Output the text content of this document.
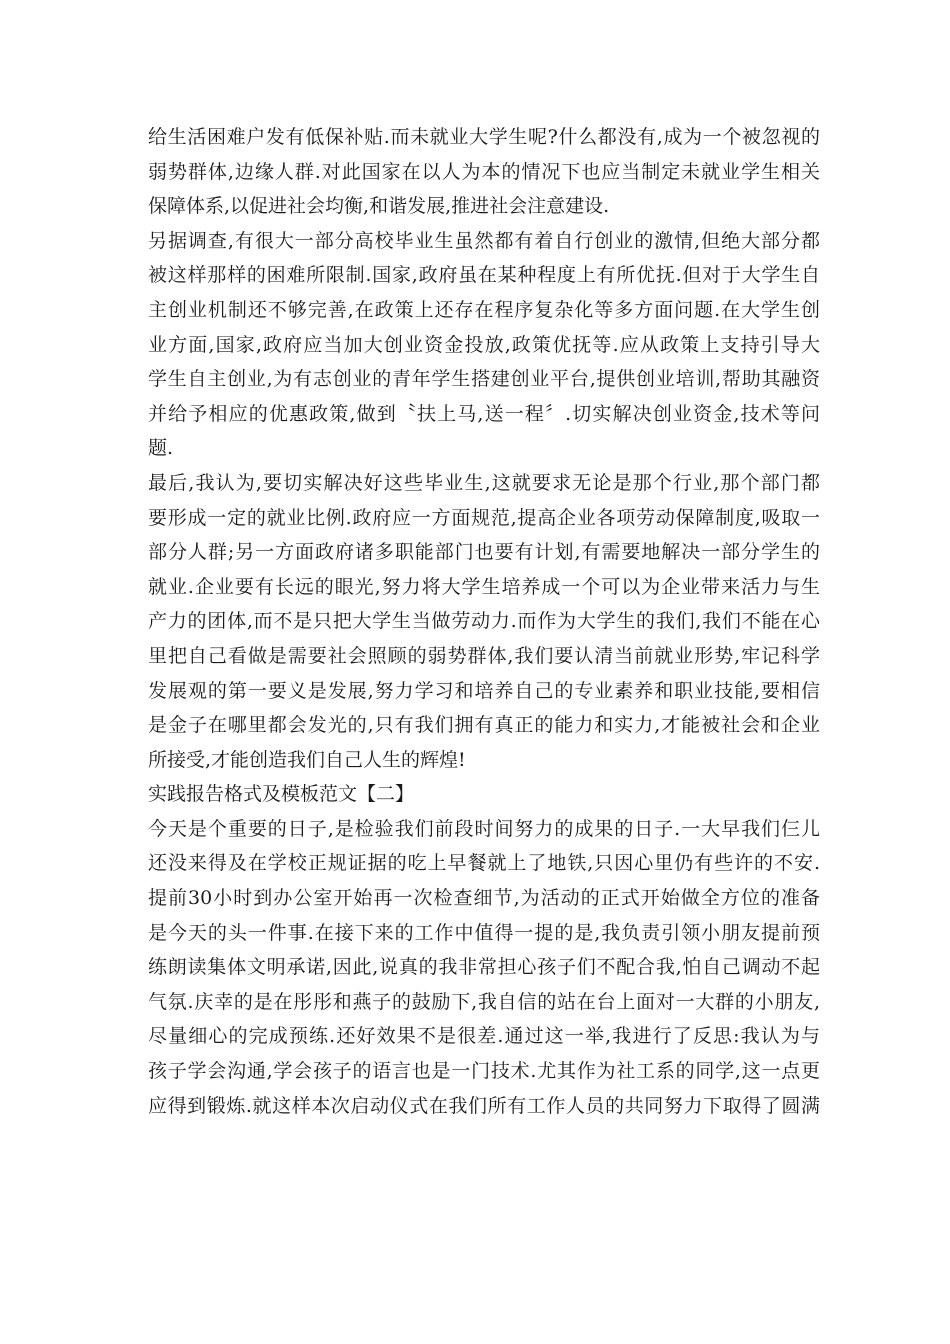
给生活困难户发有低保补贴.而未就业大学生呢?什么都没有,成为一个被忽视的
弱势群体,边缘人群.对此国家在以人为本的情况下也应当制定未就业学生相关
保障体系,以促进社会均衡,和谐发展,推进社会注意建设.
另据调查,有很大一部分高校毕业生虽然都有着自行创业的激情,但绝大部分都
被这样那样的困难所限制.国家,政府虽在某种程度上有所优抚.但对于大学生自
主创业机制还不够完善,在政策上还存在程序复杂化等多方面问题.在大学生创
业方面,国家,政府应当加大创业资金投放,政策优抚等.应从政策上支持引导大
学生自主创业,为有志创业的青年学生搭建创业平台,提供创业培训,帮助其融资
并给予相应的优惠政策,做到〝扶上马,送一程〞.切实解决创业资金,技术等问
题.
最后,我认为,要切实解决好这些毕业生,这就要求无论是那个行业,那个部门都
要形成一定的就业比例.政府应一方面规范,提高企业各项劳动保障制度,吸取一
部分人群;另一方面政府诸多职能部门也要有计划,有需要地解决一部分学生的
就业.企业要有长远的眼光,努力将大学生培养成一个可以为企业带来活力与生
产力的团体,而不是只把大学生当做劳动力.而作为大学生的我们,我们不能在心
里把自己看做是需要社会照顾的弱势群体,我们要认清当前就业形势,牢记科学
发展观的第一要义是发展,努力学习和培养自己的专业素养和职业技能,要相信
是金子在哪里都会发光的,只有我们拥有真正的能力和实力,才能被社会和企业
所接受,才能创造我们自己人生的辉煌!
实践报告格式及模板范文【二】
今天是个重要的日子,是检验我们前段时间努力的成果的日子.一大早我们仨儿
还没来得及在学校正规证据的吃上早餐就上了地铁,只因心里仍有些许的不安.
提前30小时到办公室开始再一次检查细节,为活动的正式开始做全方位的准备
是今天的头一件事.在接下来的工作中值得一提的是,我负责引领小朋友提前预
练朗读集体文明承诺,因此,说真的我非常担心孩子们不配合我,怕自己调动不起
气氛.庆幸的是在彤彤和燕子的鼓励下,我自信的站在台上面对一大群的小朋友,
尽量细心的完成预练.还好效果不是很差.通过这一举,我进行了反思:我认为与
孩子学会沟通,学会孩子的语言也是一门技术.尤其作为社工系的同学,这一点更
应得到锻炼.就这样本次启动仪式在我们所有工作人员的共同努力下取得了圆满
